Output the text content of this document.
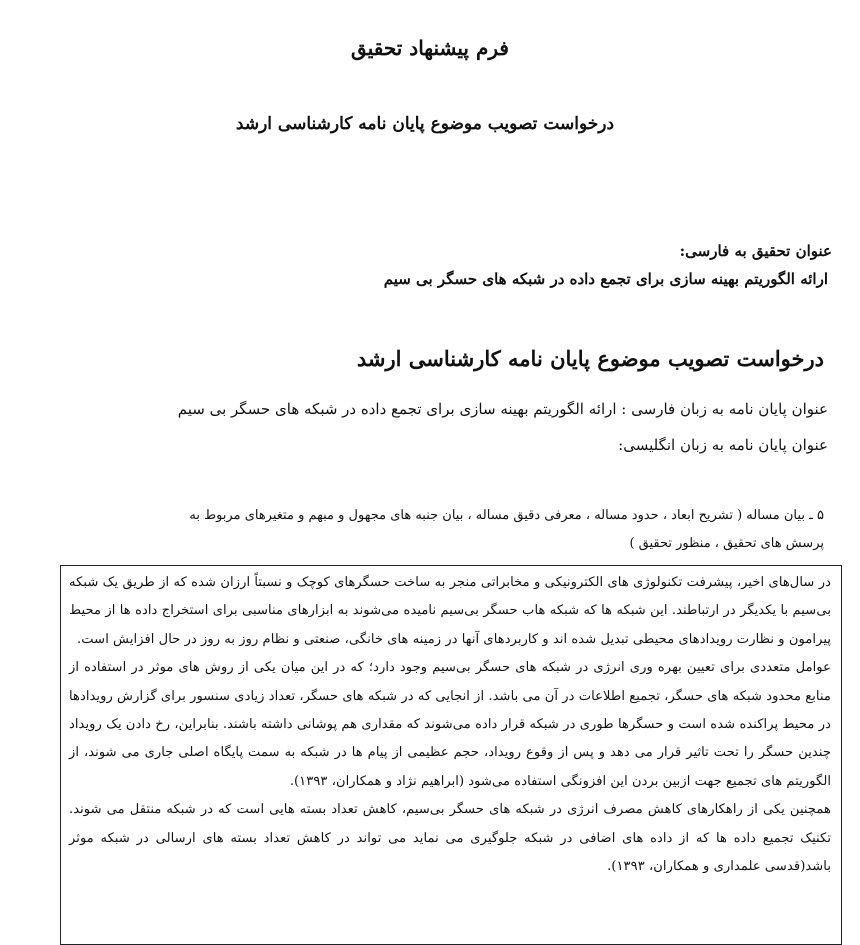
فرم پیشنهاد تحقیق
درخواست تصویب موضوع پایان نامه کارشناسی ارشد
عنوان تحقیق به فارسی:
ارائه الگوریتم بهینه سازی برای تجمع داده در شبکه های حسگر بی سیم
درخواست تصویب موضوع پایان نامه کارشناسی ارشد
عنوان پایان نامه به زبان فارسی : ارائه الگوریتم بهینه سازی برای تجمع داده در شبکه های حسگر بی سیم
عنوان پایان نامه به زبان انگلیسی:
۵ ـ بیان مساله ( تشریح ابعاد ، حدود مساله ، معرفی دقیق مساله ، بیان جنبه های مجهول و مبهم و متغیرهای مربوط به پرسش های تحقیق ، منظور تحقیق )

در سال‌های اخیر، پیشرفت تکنولوژی های الکترونیکی و مخابراتی منجر به ساخت حسگرهای کوچک و نسبتاً ارزان شده که از طریق یک شبکه بی‌سیم با یکدیگر در ارتباطند. این شبکه ها که شبکه هاب حسگر بی‌سیم نامیده می‌شوند به ابزارهای مناسبی برای استخراج داده ها از محیط پیرامون و نظارت رویدادهای محیطی تبدیل شده اند و کاربردهای آنها در زمینه های خانگی، صنعتی و نظام روز به روز در حال افزایش است.

عوامل متعددی برای تعیین بهره وری انرژی در شبکه های حسگر بی‌سیم وجود دارد؛ که در این میان یکی از روش های موثر در استفاده از منابع محدود شبکه های حسگر، تجمیع اطلاعات در آن می باشد. از انجایی که در شبکه های حسگر، تعداد زیادی سنسور برای گزارش رویدادها در محیط پراکنده شده است و حسگرها طوری در شبکه قرار داده می‌شوند که مقداری هم پوشانی داشته باشند. بنابراین، رخ دادن یک رویداد چندین حسگر را تحت تاثیر قرار می دهد و پس از وقوع رویداد، حجم عظیمی از پیام ها در شبکه به سمت پایگاه اصلی جاری می شوند، از الگوریتم های تجمیع جهت ازبین بردن این افزونگی استفاده می‌شود (ابراهیم نژاد و همکاران، ۱۳۹۳).

همچنین یکی از راهکارهای کاهش مصرف انرژی در شبکه های حسگر بی‌سیم، کاهش تعداد بسته هایی است که در شبکه منتقل می شوند. تکنیک تجمیع داده ها که از داده های اضافی در شبکه جلوگیری می نماید می تواند در کاهش تعداد بسته های ارسالی در شبکه موثر باشد(قدسی علمداری و همکاران، ۱۳۹۳).
